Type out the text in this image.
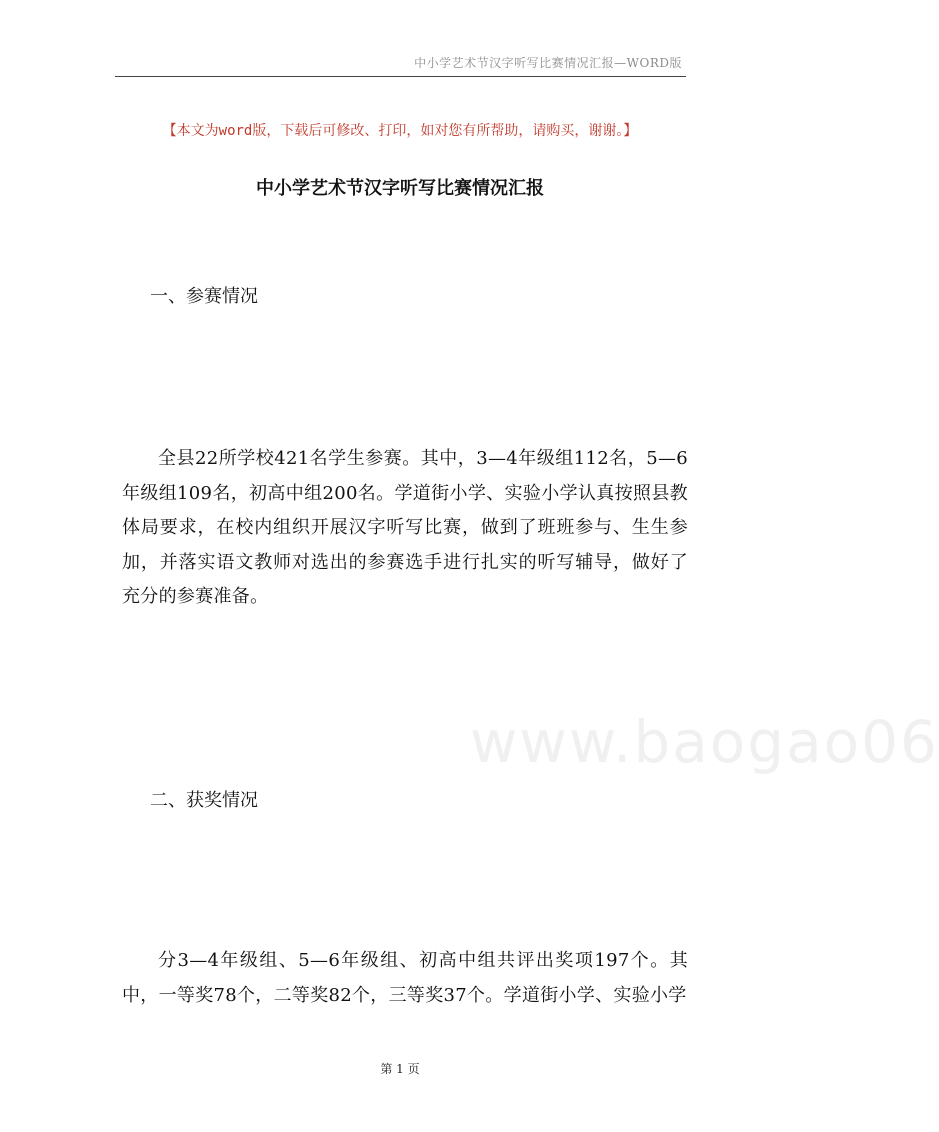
中小学艺术节汉字听写比赛情况汇报—WORD版
【本文为word版，下载后可修改、打印，如对您有所帮助，请购买，谢谢。】
中小学艺术节汉字听写比赛情况汇报
一、参赛情况
全县22所学校421名学生参赛。其中，3—4年级组112名，5—6年级组109名，初高中组200名。学道街小学、实验小学认真按照县教体局要求，在校内组织开展汉字听写比赛，做到了班班参与、生生参加，并落实语文教师对选出的参赛选手进行扎实的听写辅导，做好了充分的参赛准备。
www.baogao06
二、获奖情况
分3—4年级组、5—6年级组、初高中组共评出奖项197个。其中，一等奖78个，二等奖82个，三等奖37个。学道街小学、实验小学
第 1 页
